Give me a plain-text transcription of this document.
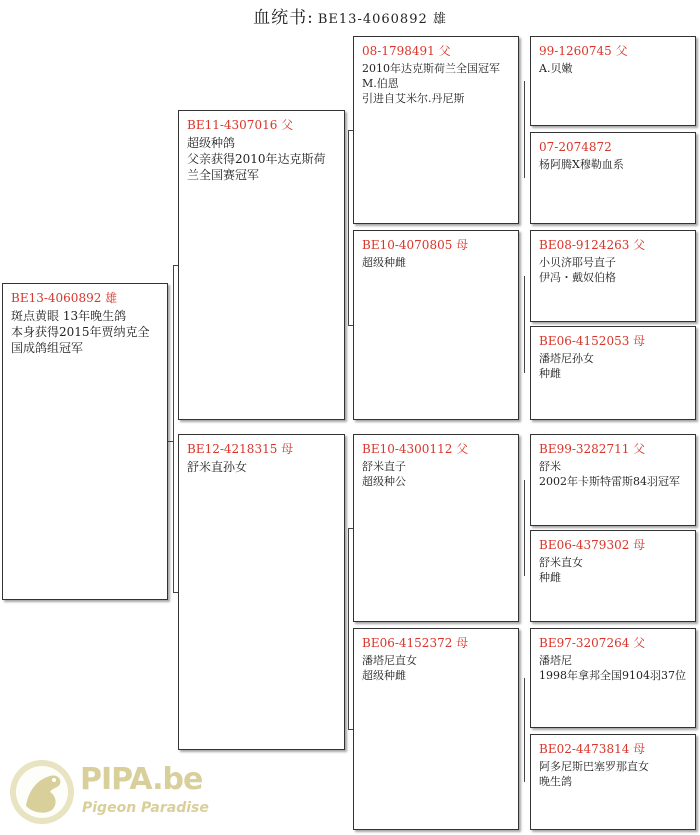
血统书: BE13-4060892 雄
BE13-4060892 雄
斑点黄眼 13年晚生鸽
本身获得2015年贾纳克全国成鸽组冠军
BE11-4307016 父
超级种鸽
父亲获得2010年达克斯荷兰全国赛冠军
BE12-4218315 母
舒米直孙女
08-1798491 父
2010年达克斯荷兰全国冠军
M.伯恩
引进自艾米尔.丹尼斯
BE10-4070805 母
超级种雌
BE10-4300112 父
舒米直子
超级种公
BE06-4152372 母
潘塔尼直女
超级种雌
99-1260745 父
A.贝嫩
07-2074872
杨阿腾X穆勒血系
BE08-9124263 父
小贝济耶号直子
伊冯・戴奴伯格
BE06-4152053 母
潘塔尼孙女
种雌
BE99-3282711 父
舒米
2002年卡斯特雷斯84羽冠军
BE06-4379302 母
舒米直女
种雌
BE97-3207264 父
潘塔尼
1998年拿邦全国9104羽37位
BE02-4473814 母
阿多尼斯巴塞罗那直女
晚生鸽
PIPA.be
Pigeon Paradise
